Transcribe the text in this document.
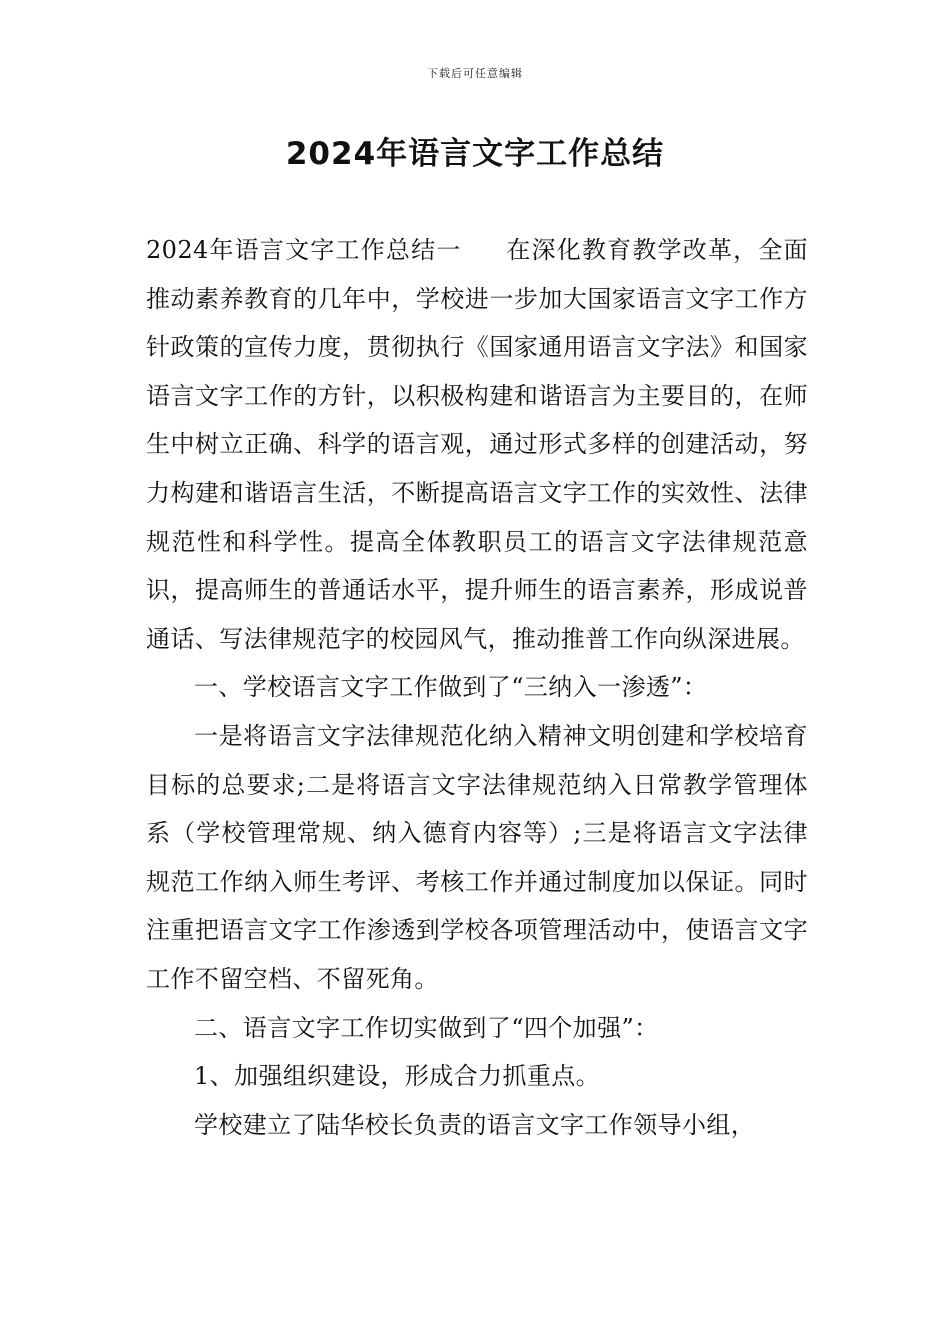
下载后可任意编辑
2024年语言文字工作总结

2024年语言文字工作总结一 在深化教育教学改革，全面推动素养教育的几年中，学校进一步加大国家语言文字工作方针政策的宣传力度，贯彻执行《国家通用语言文字法》和国家语言文字工作的方针，以积极构建和谐语言为主要目的，在师生中树立正确、科学的语言观，通过形式多样的创建活动，努力构建和谐语言生活，不断提高语言文字工作的实效性、法律规范性和科学性。提高全体教职员工的语言文字法律规范意识，提高师生的普通话水平，提升师生的语言素养，形成说普通话、写法律规范字的校园风气，推动推普工作向纵深进展。

一、学校语言文字工作做到了“三纳入一渗透”：

一是将语言文字法律规范化纳入精神文明创建和学校培育目标的总要求;二是将语言文字法律规范纳入日常教学管理体系（学校管理常规、纳入德育内容等）;三是将语言文字法律规范工作纳入师生考评、考核工作并通过制度加以保证。同时注重把语言文字工作渗透到学校各项管理活动中，使语言文字工作不留空档、不留死角。

二、语言文字工作切实做到了“四个加强”：

1、加强组织建设，形成合力抓重点。

学校建立了陆华校长负责的语言文字工作领导小组，
